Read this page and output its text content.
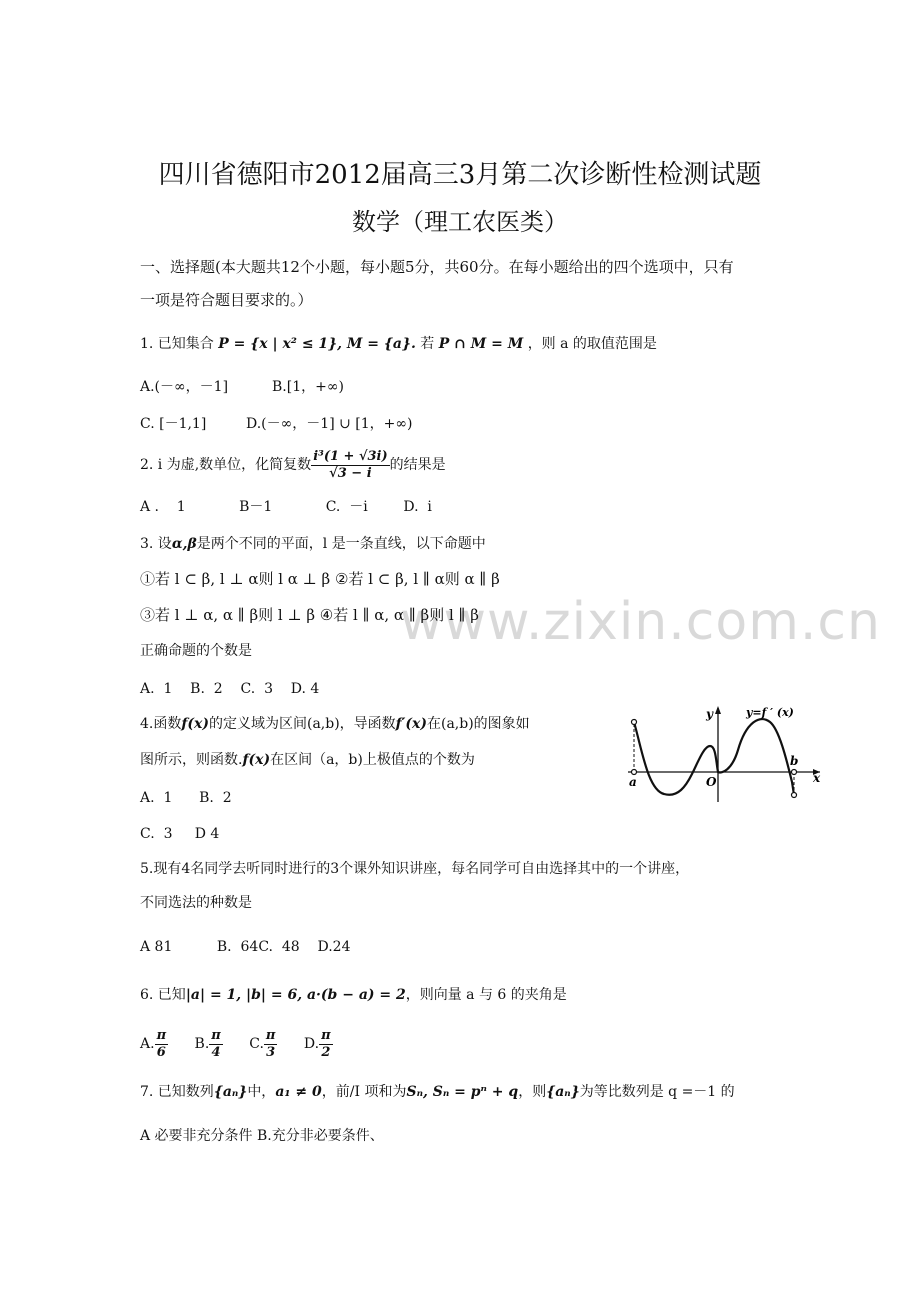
www.zixin.com.cn
四川省德阳市2012届高三3月第二次诊断性检测试题
数学（理工农医类）
一、选择题(本大题共12个小题，每小题5分，共60分。在每小题给出的四个选项中，只有
一项是符合题目要求的。）
1. 已知集合 P = {x | x² ≤ 1}, M = {a}. 若 P ∩ M = M ，则 a 的取值范围是
A.(－∞，－1]	B.[1，+∞)
C. [－1,1]	D.(－∞，－1] ∪ [1，+∞)
2. i 为虚,数单位，化简复数 $\frac{\text{i³(1 + √3i)}}{√3 - i}$ 的结果是
A .    1            B－1            C.  －i        D.  i
3. 设α,β是两个不同的平面，l 是一条直线，以下命题中
①若 l ⊂ β, l ⊥ α则 l α ⊥ β ②若 l ⊂ β, l ∥ α则 α ∥ β
③若 l ⊥ α, α ∥ β则 l ⊥ β ④若 l ∥ α, α ∥ β则 l ∥ β
正确命题的个数是
A.  1    B.  2    C.  3    D. 4
4.函数f(x)的定义域为区间(a,b)，导函数f′(x)在(a,b)的图象如
图所示，则函数.f(x)在区间（a，b)上极值点的个数为
A.  1      B.  2
C.  3     D 4
y	y=f ′ (x)
x
a
b
O
5.现有4名同学去听同时进行的3个课外知识讲座，每名同学可自由选择其中的一个讲座，
不同选法的种数是
A 81          B.  64C.  48    D.24
6. 已知|a| = 1, |b| = 6, a·(b − a) = 2，则向量 a 与 6 的夹角是
A. $\frac{\pi}{6} B$. $\frac{\pi}{4} C$. $\frac{\pi}{3} D$. $\frac{\pi}{2}$
7. 已知数列{aₙ}中，a₁ ≠ 0，前/I 项和为Sₙ, Sₙ = pⁿ + q，则{aₙ}为等比数列是 q =－1 的
A 必要非充分条件 B.充分非必要条件、
